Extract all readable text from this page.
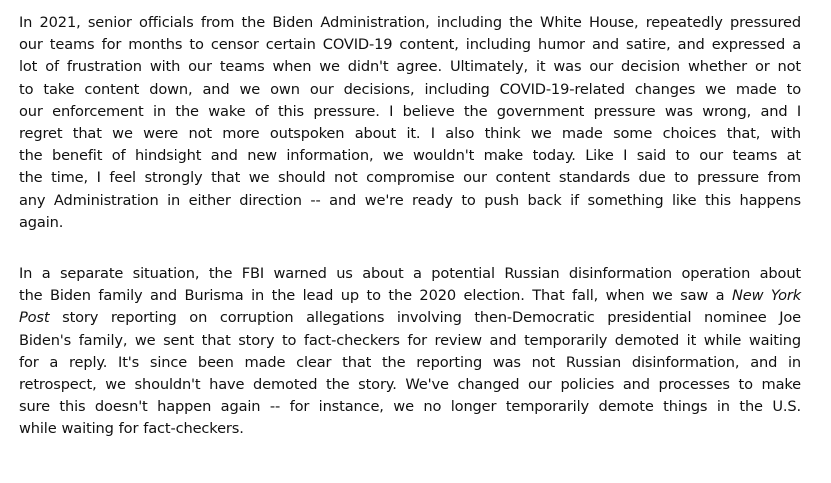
In 2021, senior officials from the Biden Administration, including the White House, repeatedly pressured
our teams for months to censor certain COVID-19 content, including humor and satire, and expressed a
lot of frustration with our teams when we didn't agree. Ultimately, it was our decision whether or not
to take content down, and we own our decisions, including COVID-19-related changes we made to
our enforcement in the wake of this pressure. I believe the government pressure was wrong, and I
regret that we were not more outspoken about it. I also think we made some choices that, with
the benefit of hindsight and new information, we wouldn't make today. Like I said to our teams at
the time, I feel strongly that we should not compromise our content standards due to pressure from
any Administration in either direction -- and we're ready to push back if something like this happens
again.

In a separate situation, the FBI warned us about a potential Russian disinformation operation about
the Biden family and Burisma in the lead up to the 2020 election. That fall, when we saw a New York
Post story reporting on corruption allegations involving then-Democratic presidential nominee Joe
Biden's family, we sent that story to fact-checkers for review and temporarily demoted it while waiting
for a reply. It's since been made clear that the reporting was not Russian disinformation, and in
retrospect, we shouldn't have demoted the story. We've changed our policies and processes to make
sure this doesn't happen again -- for instance, we no longer temporarily demote things in the U.S.
while waiting for fact-checkers.
